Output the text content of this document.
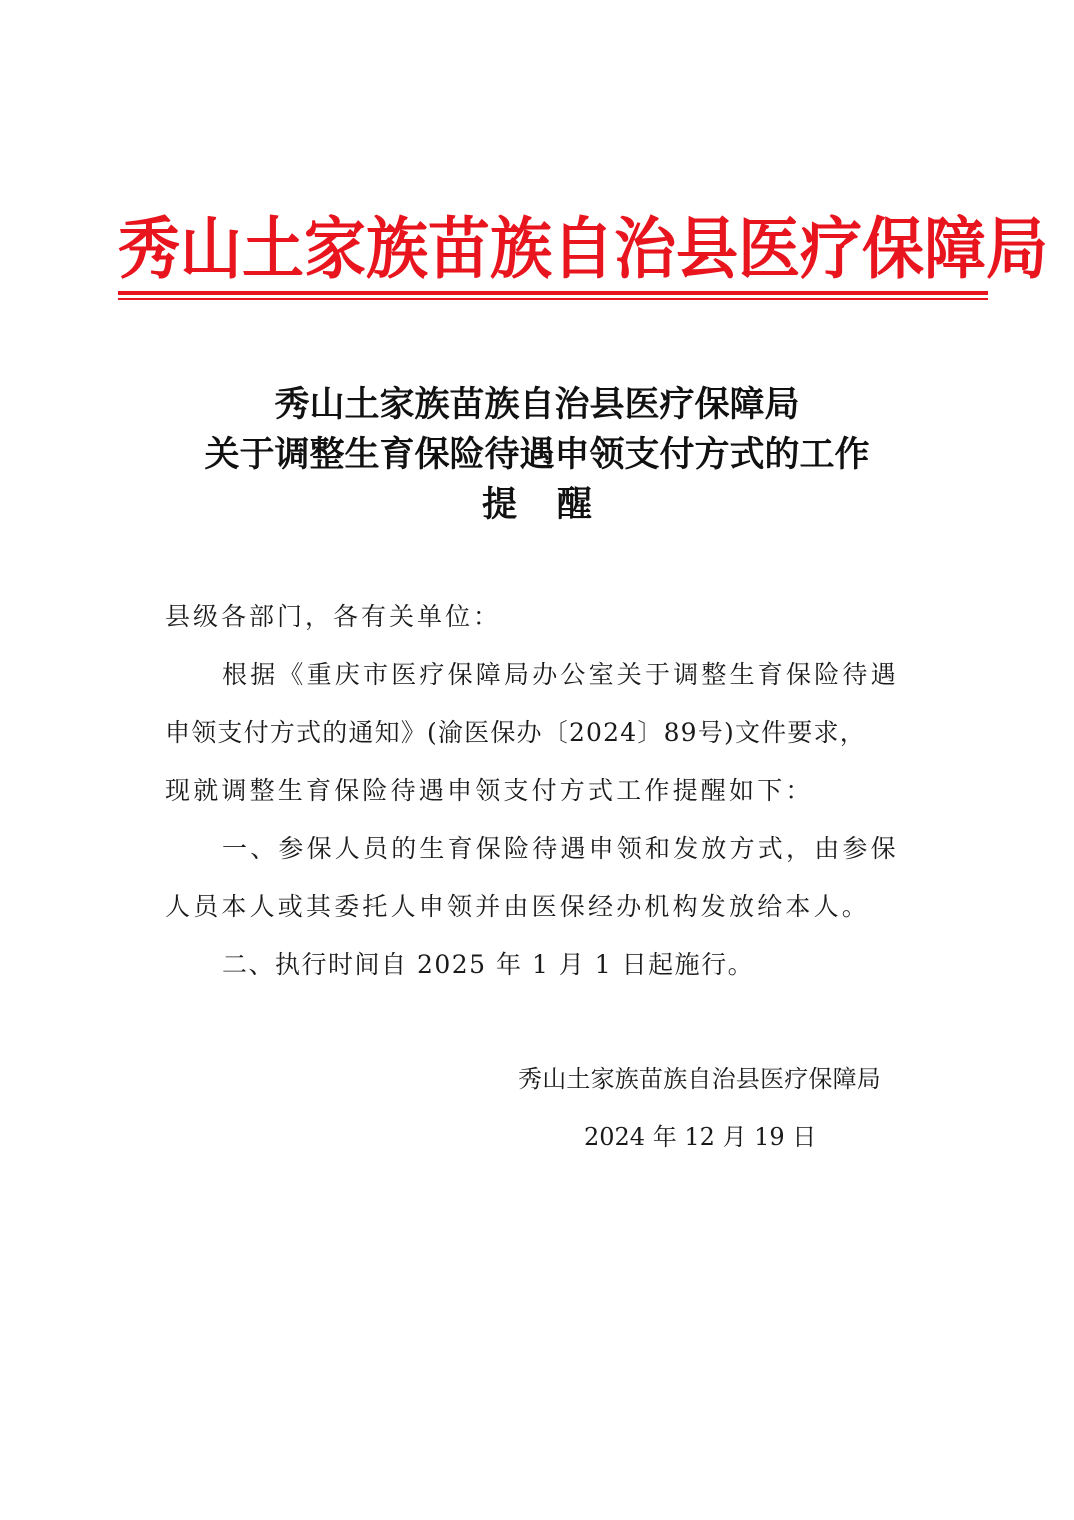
秀山土家族苗族自治县医疗保障局
秀山土家族苗族自治县医疗保障局
关于调整生育保险待遇申领支付方式的工作
提醒
县级各部门，各有关单位：
根据《重庆市医疗保障局办公室关于调整生育保险待遇
申领支付方式的通知》(渝医保办〔2024〕89号)文件要求，
现就调整生育保险待遇申领支付方式工作提醒如下：
一、参保人员的生育保险待遇申领和发放方式，由参保
人员本人或其委托人申领并由医保经办机构发放给本人。
二、执行时间自 2025 年 1 月 1 日起施行。
秀山土家族苗族自治县医疗保障局
2024 年 12 月 19 日
